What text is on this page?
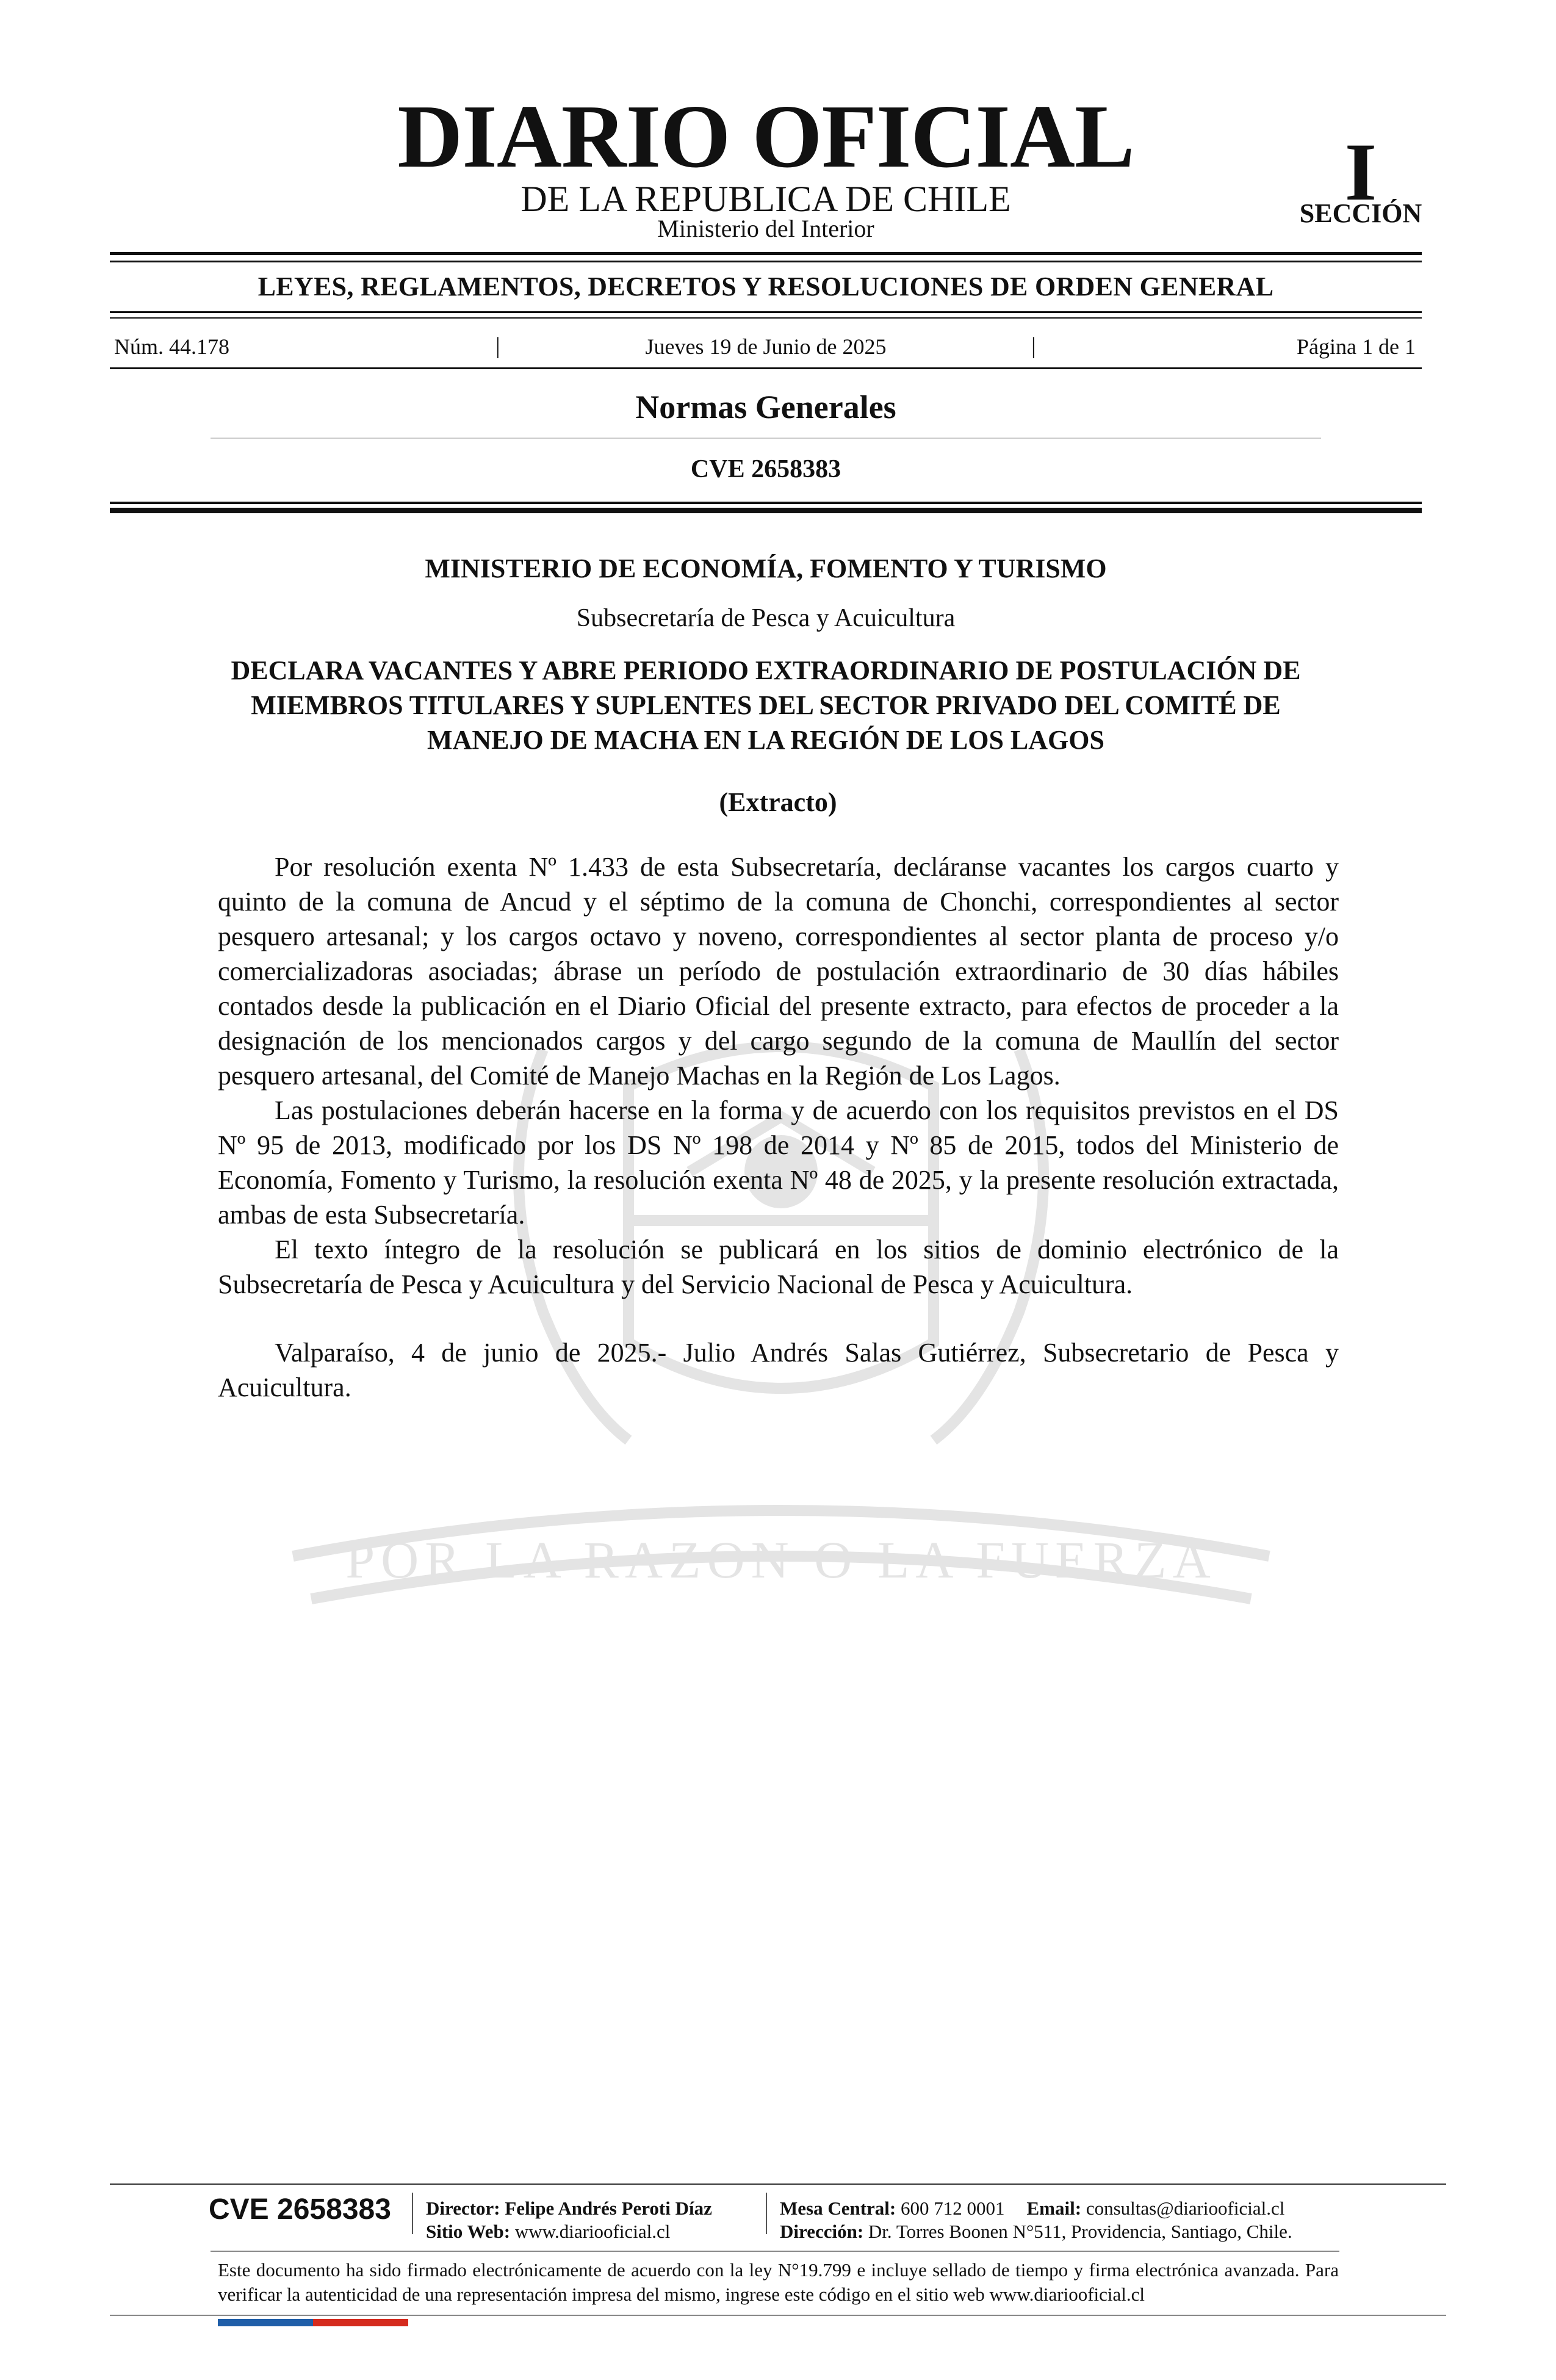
POR LA RAZON O LA FUERZA
DIARIO OFICIAL
DE LA REPUBLICA DE CHILE
Ministerio del Interior
I
SECCIÓN
LEYES, REGLAMENTOS, DECRETOS Y RESOLUCIONES DE ORDEN GENERAL
Núm. 44.178	|	Jueves 19 de Junio de 2025	|	Página 1 de 1
Normas Generales
CVE 2658383
MINISTERIO DE ECONOMÍA, FOMENTO Y TURISMO
Subsecretaría de Pesca y Acuicultura
DECLARA VACANTES Y ABRE PERIODO EXTRAORDINARIO DE POSTULACIÓN DE MIEMBROS TITULARES Y SUPLENTES DEL SECTOR PRIVADO DEL COMITÉ DE MANEJO DE MACHA EN LA REGIÓN DE LOS LAGOS
(Extracto)

Por resolución exenta Nº 1.433 de esta Subsecretaría, decláranse vacantes los cargos cuarto y quinto de la comuna de Ancud y el séptimo de la comuna de Chonchi, correspondientes al sector pesquero artesanal; y los cargos octavo y noveno, correspondientes al sector planta de proceso y/o comercializadoras asociadas; ábrase un período de postulación extraordinario de 30 días hábiles contados desde la publicación en el Diario Oficial del presente extracto, para efectos de proceder a la designación de los mencionados cargos y del cargo segundo de la comuna de Maullín del sector pesquero artesanal, del Comité de Manejo Machas en la Región de Los Lagos.

Las postulaciones deberán hacerse en la forma y de acuerdo con los requisitos previstos en el DS Nº 95 de 2013, modificado por los DS Nº 198 de 2014 y Nº 85 de 2015, todos del Ministerio de Economía, Fomento y Turismo, la resolución exenta Nº 48 de 2025, y la presente resolución extractada, ambas de esta Subsecretaría.

El texto íntegro de la resolución se publicará en los sitios de dominio electrónico de la Subsecretaría de Pesca y Acuicultura y del Servicio Nacional de Pesca y Acuicultura.

Valparaíso, 4 de junio de 2025.- Julio Andrés Salas Gutiérrez, Subsecretario de Pesca y Acuicultura.

CVE 2658383 Director: Felipe Andrés Peroti Díaz
Sitio Web: www.diariooficial.cl
Mesa Central: 600 712 0001 Email: consultas@diariooficial.cl
Dirección: Dr. Torres Boonen N°511, Providencia, Santiago, Chile.
Este documento ha sido firmado electrónicamente de acuerdo con la ley N°19.799 e incluye sellado de tiempo y firma electrónica avanzada. Para verificar la autenticidad de una representación impresa del mismo, ingrese este código en el sitio web www.diariooficial.cl
